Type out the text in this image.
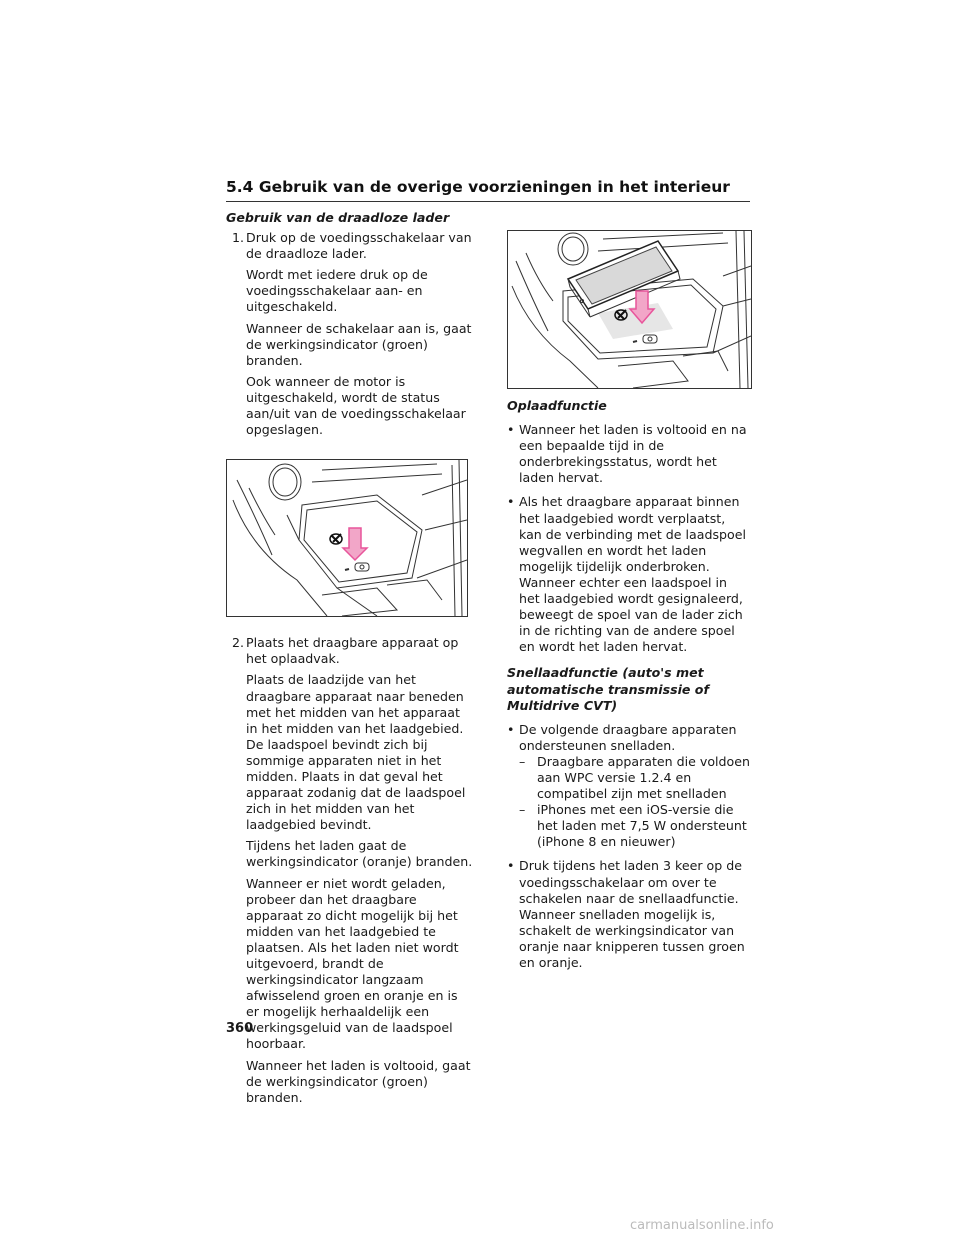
5.4 Gebruik van de overige voorzieningen in het interieur

Gebruik van de draadloze lader

1. Druk op de voedingsschakelaar van de draadloze lader.

Wordt met iedere druk op de voedingsschakelaar aan- en uitgeschakeld.

Wanneer de schakelaar aan is, gaat de werkingsindicator (groen) branden.

Ook wanneer de motor is uitgeschakeld, wordt de status aan/uit van de voedingsschakelaar opgeslagen.

2. Plaats het draagbare apparaat op het oplaadvak.

Plaats de laadzijde van het draagbare apparaat naar beneden met het midden van het apparaat in het midden van het laadgebied. De laadspoel bevindt zich bij sommige apparaten niet in het midden. Plaats in dat geval het apparaat zodanig dat de laadspoel zich in het midden van het laadgebied bevindt.

Tijdens het laden gaat de werkingsindicator (oranje) branden.

Wanneer er niet wordt geladen, probeer dan het draagbare apparaat zo dicht mogelijk bij het midden van het laadgebied te plaatsen. Als het laden niet wordt uitgevoerd, brandt de werkingsindicator langzaam afwisselend groen en oranje en is er mogelijk herhaaldelijk een werkingsgeluid van de laadspoel hoorbaar.

Wanneer het laden is voltooid, gaat de werkingsindicator (groen) branden.

Oplaadfunctie

• Wanneer het laden is voltooid en na een bepaalde tijd in de onderbrekingsstatus, wordt het laden hervat.
• Als het draagbare apparaat binnen het laadgebied wordt verplaatst, kan de verbinding met de laadspoel wegvallen en wordt het laden mogelijk tijdelijk onderbroken. Wanneer echter een laadspoel in het laadgebied wordt gesignaleerd, beweegt de spoel van de lader zich in de richting van de andere spoel en wordt het laden hervat.

Snellaadfunctie (auto's met automatische transmissie of Multidrive CVT)

• De volgende draagbare apparaten ondersteunen snelladen.
– Draagbare apparaten die voldoen aan WPC versie 1.2.4 en compatibel zijn met snelladen
– iPhones met een iOS-versie die het laden met 7,5 W ondersteunt (iPhone 8 en nieuwer)
• Druk tijdens het laden 3 keer op de voedingsschakelaar om over te schakelen naar de snellaadfunctie. Wanneer snelladen mogelijk is, schakelt de werkingsindicator van oranje naar knipperen tussen groen en oranje.
360
carmanualsonline.info
